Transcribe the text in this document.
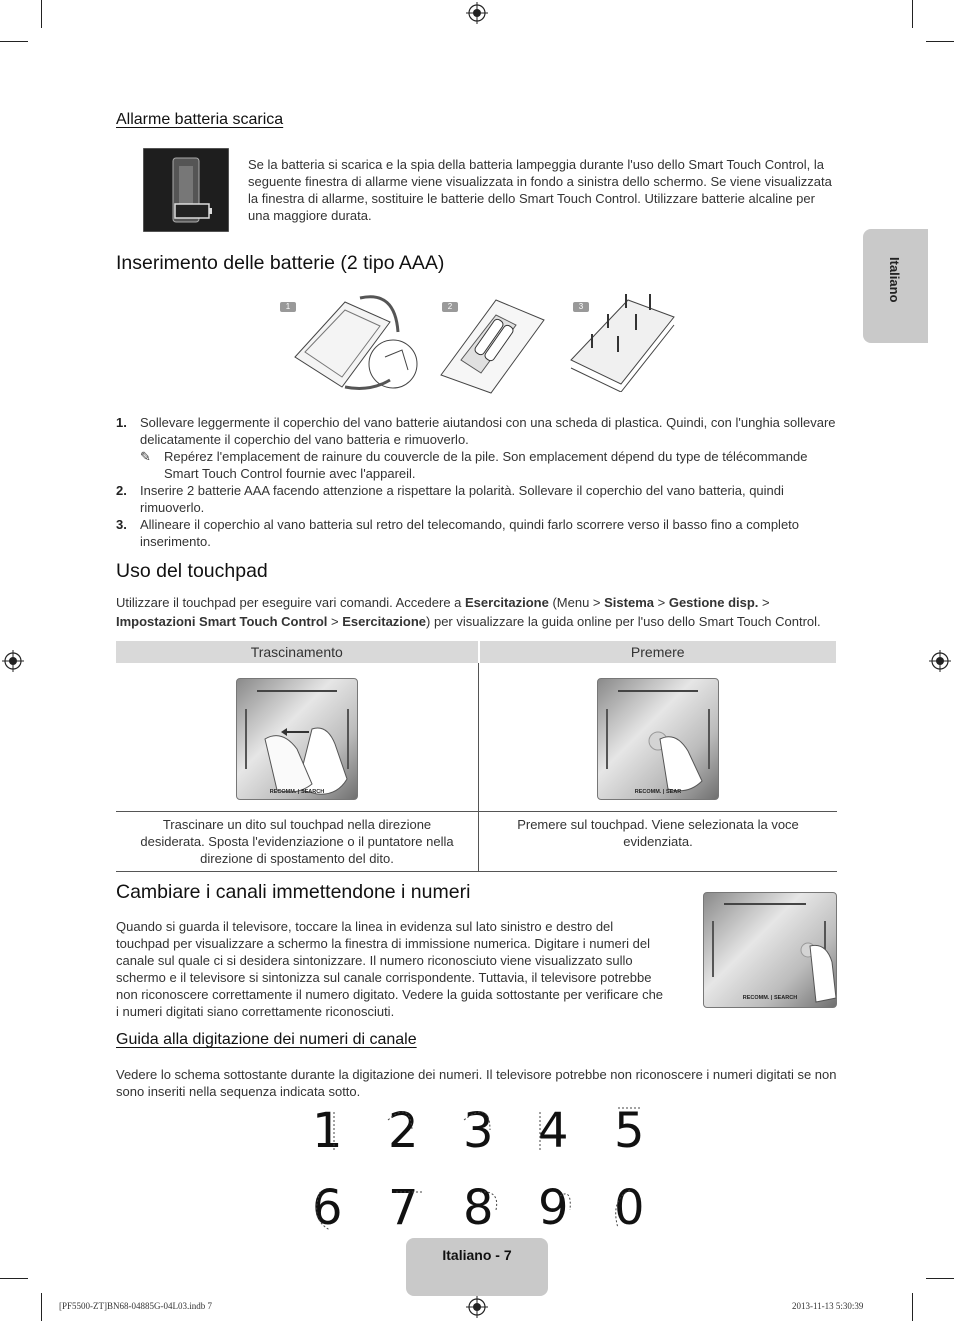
Italiano
Allarme batteria scarica
Se la batteria si scarica e la spia della batteria lampeggia durante l'uso dello Smart Touch Control, la seguente finestra di allarme viene visualizzata in fondo a sinistra dello schermo. Se viene visualizzata la finestra di allarme, sostituire le batterie dello Smart Touch Control. Utilizzare batterie alcaline per una maggiore durata.
Inserimento delle batterie (2 tipo AAA)
1	2	3
1.	Sollevare leggermente il coperchio del vano batterie aiutandosi con una scheda di plastica. Quindi, con l'unghia sollevare delicatamente il coperchio del vano batteria e rimuoverlo.
✎	Repérez l'emplacement de rainure du couvercle de la pile. Son emplacement dépend du type de télécommande Smart Touch Control fournie avec l'appareil.
2.	Inserire 2 batterie AAA facendo attenzione a rispettare la polarità. Sollevare il coperchio del vano batteria, quindi rimuoverlo.
3.	Allineare il coperchio al vano batteria sul retro del telecomando, quindi farlo scorrere verso il basso fino a completo inserimento.
Uso del touchpad
Utilizzare il touchpad per eseguire vari comandi. Accedere a Esercitazione (Menu > Sistema > Gestione disp. > Impostazioni Smart Touch Control > Esercitazione) per visualizzare la guida online per l'uso dello Smart Touch Control.
Trascinamento	Premere

RECOMM. | SEARCH	RECOMM. | SEAR

Trascinare un dito sul touchpad nella direzione desiderata. Sposta l'evidenziazione o il puntatore nella direzione di spostamento del dito.	Premere sul touchpad. Viene selezionata la voce evidenziata.
Cambiare i canali immettendone i numeri
Quando si guarda il televisore, toccare la linea in evidenza sul lato sinistro e destro del touchpad per visualizzare a schermo la finestra di immissione numerica. Digitare i numeri del canale sul quale ci si desidera sintonizzare. Il numero riconosciuto viene visualizzato sullo schermo e il televisore si sintonizza sul canale corrispondente. Tuttavia, il televisore potrebbe non riconoscere correttamente il numero digitato. Vedere la guida sottostante per verificare che i numeri digitati siano correttamente riconosciuti.
RECOMM. | SEARCH
Guida alla digitazione dei numeri di canale
Vedere lo schema sottostante durante la digitazione dei numeri. Il televisore potrebbe non riconoscere i numeri digitati se non sono inseriti nella sequenza indicata sotto.
1 2 3 4 5
6 7 8 9 0
Italiano - 7
[PF5500-ZT]BN68-04885G-04L03.indb 7	2013-11-13 5:30:39
